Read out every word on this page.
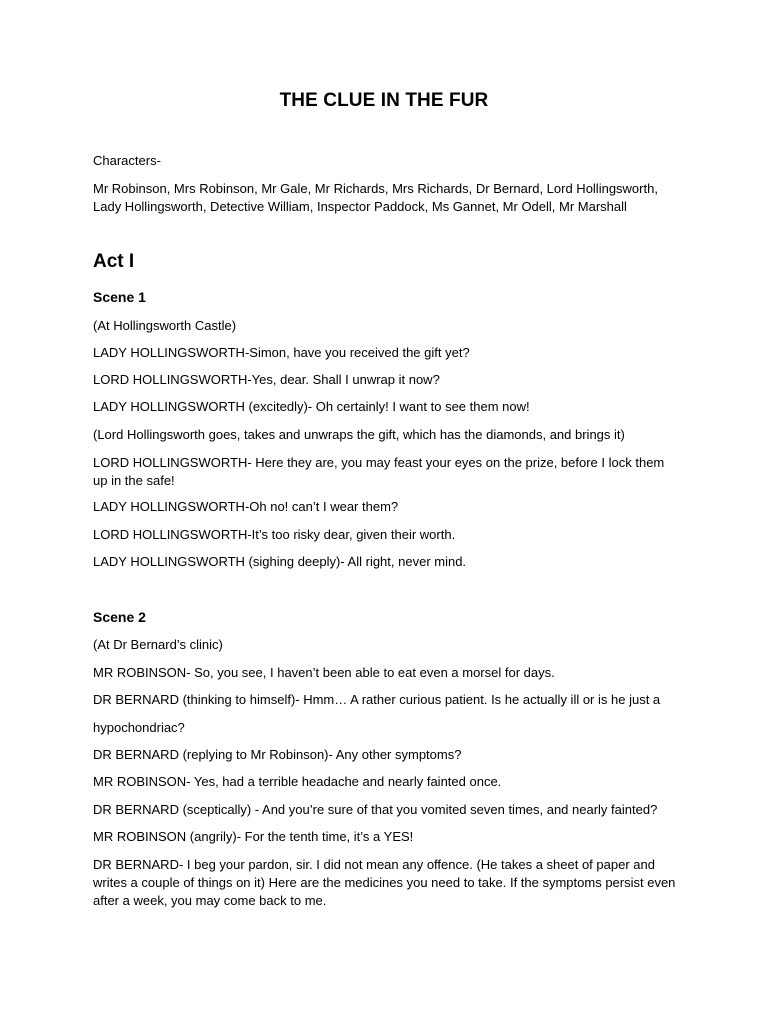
THE CLUE IN THE FUR
Characters-
Mr Robinson, Mrs Robinson, Mr Gale, Mr Richards, Mrs Richards, Dr Bernard, Lord Hollingsworth, Lady Hollingsworth, Detective William, Inspector Paddock, Ms Gannet, Mr Odell, Mr Marshall
Act I
Scene 1
(At Hollingsworth Castle)
LADY HOLLINGSWORTH-Simon, have you received the gift yet?
LORD HOLLINGSWORTH-Yes, dear. Shall I unwrap it now?
LADY HOLLINGSWORTH (excitedly)- Oh certainly! I want to see them now!
(Lord Hollingsworth goes, takes and unwraps the gift, which has the diamonds, and brings it)
LORD HOLLINGSWORTH- Here they are, you may feast your eyes on the prize, before I lock them up in the safe!
LADY HOLLINGSWORTH-Oh no! can’t I wear them?
LORD HOLLINGSWORTH-It’s too risky dear, given their worth.
LADY HOLLINGSWORTH (sighing deeply)- All right, never mind.
Scene 2
(At Dr Bernard’s clinic)
MR ROBINSON- So, you see, I haven’t been able to eat even a morsel for days.
DR BERNARD (thinking to himself)- Hmm… A rather curious patient. Is he actually ill or is he just a
hypochondriac?
DR BERNARD (replying to Mr Robinson)- Any other symptoms?
MR ROBINSON- Yes, had a terrible headache and nearly fainted once.
DR BERNARD (sceptically) - And you’re sure of that you vomited seven times, and nearly fainted?
MR ROBINSON (angrily)- For the tenth time, it’s a YES!
DR BERNARD- I beg your pardon, sir. I did not mean any offence. (He takes a sheet of paper and writes a couple of things on it) Here are the medicines you need to take. If the symptoms persist even after a week, you may come back to me.
